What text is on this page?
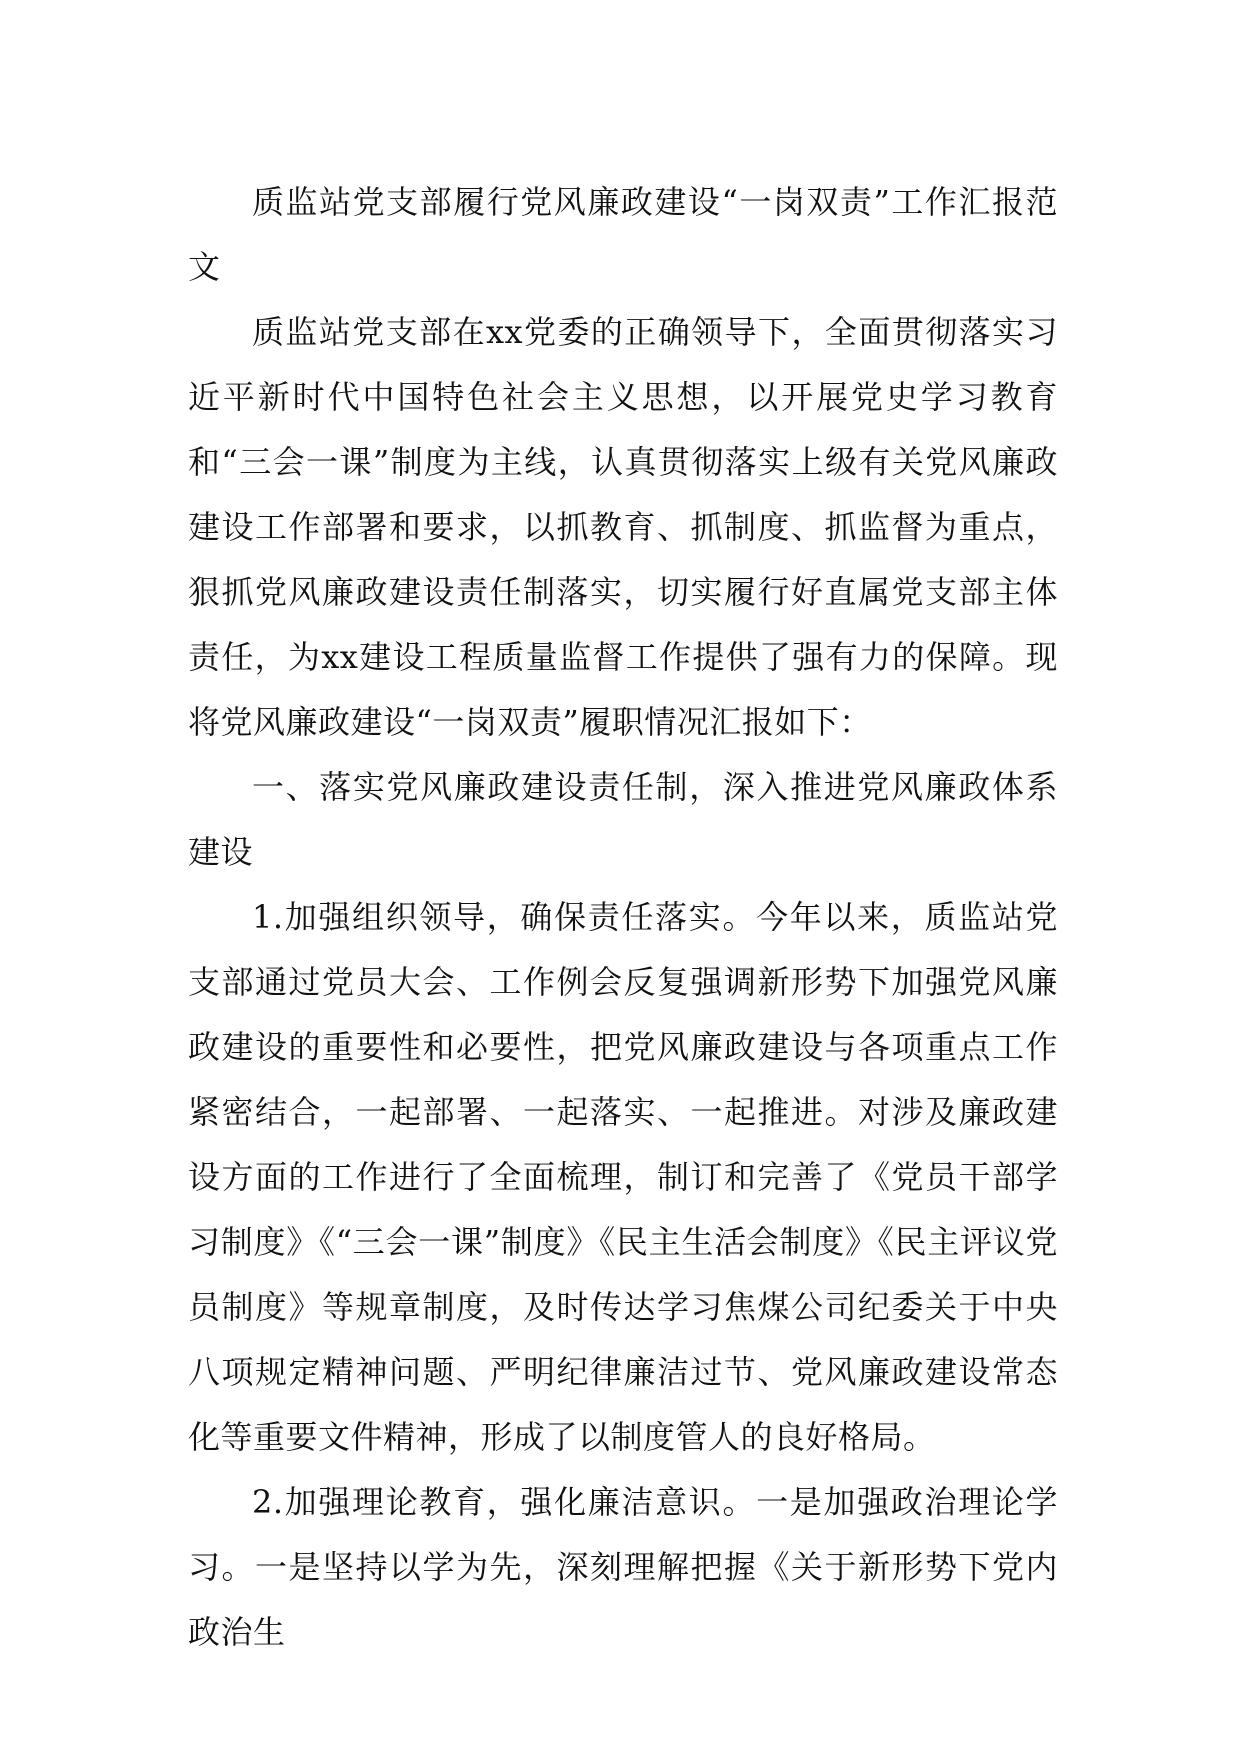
质监站党支部履行党风廉政建设“一岗双责”工作汇报范文

质监站党支部在xx党委的正确领导下，全面贯彻落实习近平新时代中国特色社会主义思想，以开展党史学习教育和“三会一课”制度为主线，认真贯彻落实上级有关党风廉政建设工作部署和要求，以抓教育、抓制度、抓监督为重点，狠抓党风廉政建设责任制落实，切实履行好直属党支部主体责任，为xx建设工程质量监督工作提供了强有力的保障。现将党风廉政建设“一岗双责”履职情况汇报如下：

一、落实党风廉政建设责任制，深入推进党风廉政体系建设

1.加强组织领导，确保责任落实。今年以来，质监站党支部通过党员大会、工作例会反复强调新形势下加强党风廉政建设的重要性和必要性，把党风廉政建设与各项重点工作紧密结合，一起部署、一起落实、一起推进。对涉及廉政建设方面的工作进行了全面梳理，制订和完善了《党员干部学习制度》《“三会一课”制度》《民主生活会制度》《民主评议党员制度》等规章制度，及时传达学习焦煤公司纪委关于中央八项规定精神问题、严明纪律廉洁过节、党风廉政建设常态化等重要文件精神，形成了以制度管人的良好格局。

2.加强理论教育，强化廉洁意识。一是加强政治理论学习。一是坚持以学为先，深刻理解把握《关于新形势下党内政治生
